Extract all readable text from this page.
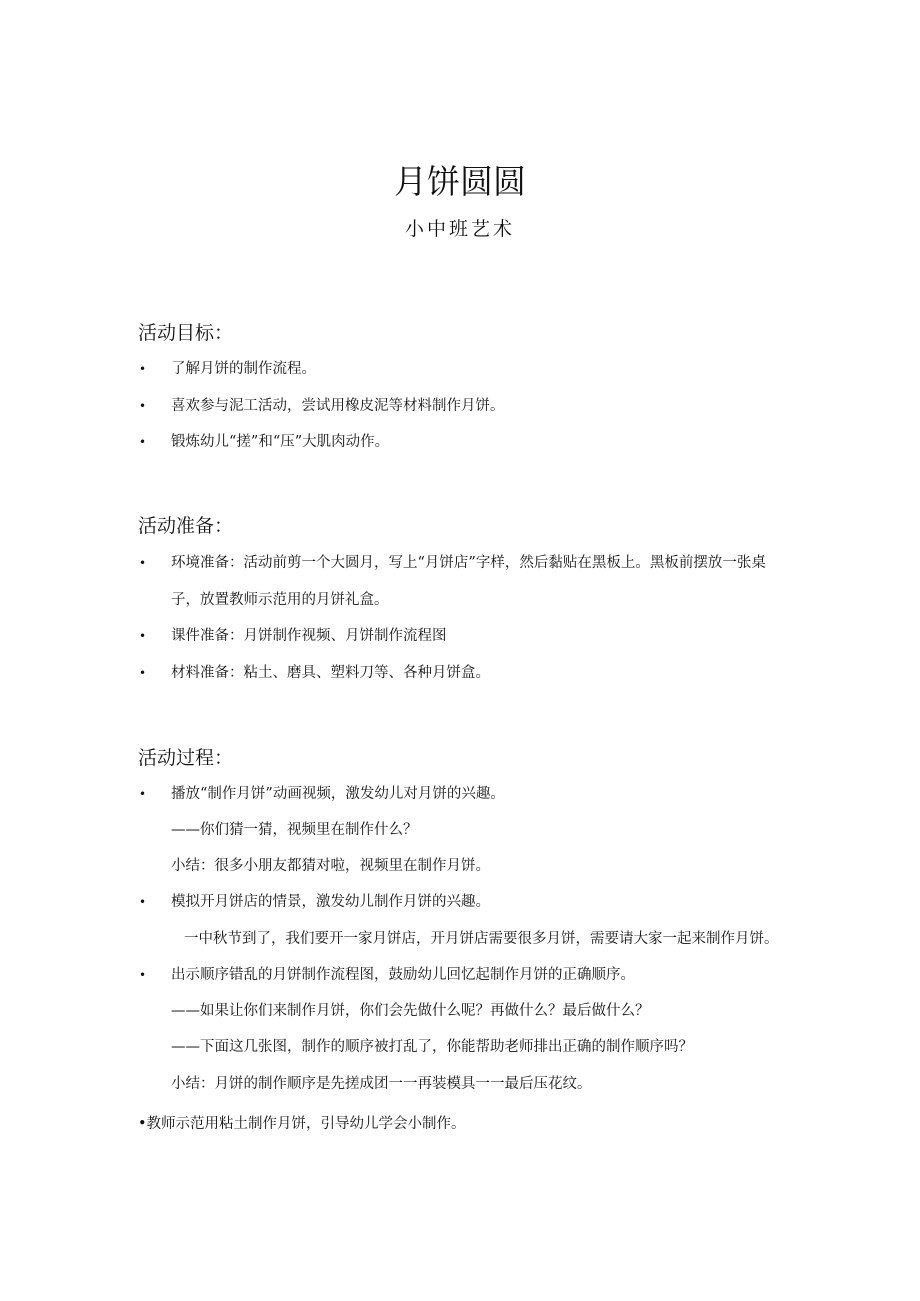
月饼圆圆

小中班艺术

活动目标：
• 了解月饼的制作流程。
• 喜欢参与泥工活动，尝试用橡皮泥等材料制作月饼。
• 锻炼幼儿“搓”和“压”大肌肉动作。
活动准备：
• 环境准备：活动前剪一个大圆月，写上“月饼店”字样，然后黏贴在黑板上。黑板前摆放一张桌
子，放置教师示范用的月饼礼盒。
• 课件准备：月饼制作视频、月饼制作流程图
• 材料准备：粘土、磨具、塑料刀等、各种月饼盒。
活动过程：
• 播放“制作月饼”动画视频，激发幼儿对月饼的兴趣。
——你们猜一猜，视频里在制作什么？
小结：很多小朋友都猜对啦，视频里在制作月饼。
• 模拟开月饼店的情景，激发幼儿制作月饼的兴趣。
一中秋节到了，我们要开一家月饼店，开月饼店需要很多月饼，需要请大家一起来制作月饼。
• 出示顺序错乱的月饼制作流程图，鼓励幼儿回忆起制作月饼的正确顺序。
——如果让你们来制作月饼，你们会先做什么呢？再做什么？最后做什么？
——下面这几张图，制作的顺序被打乱了，你能帮助老师排出正确的制作顺序吗？
小结：月饼的制作顺序是先搓成团一一再装模具一一最后压花纹。
•教师示范用粘土制作月饼，引导幼儿学会小制作。
